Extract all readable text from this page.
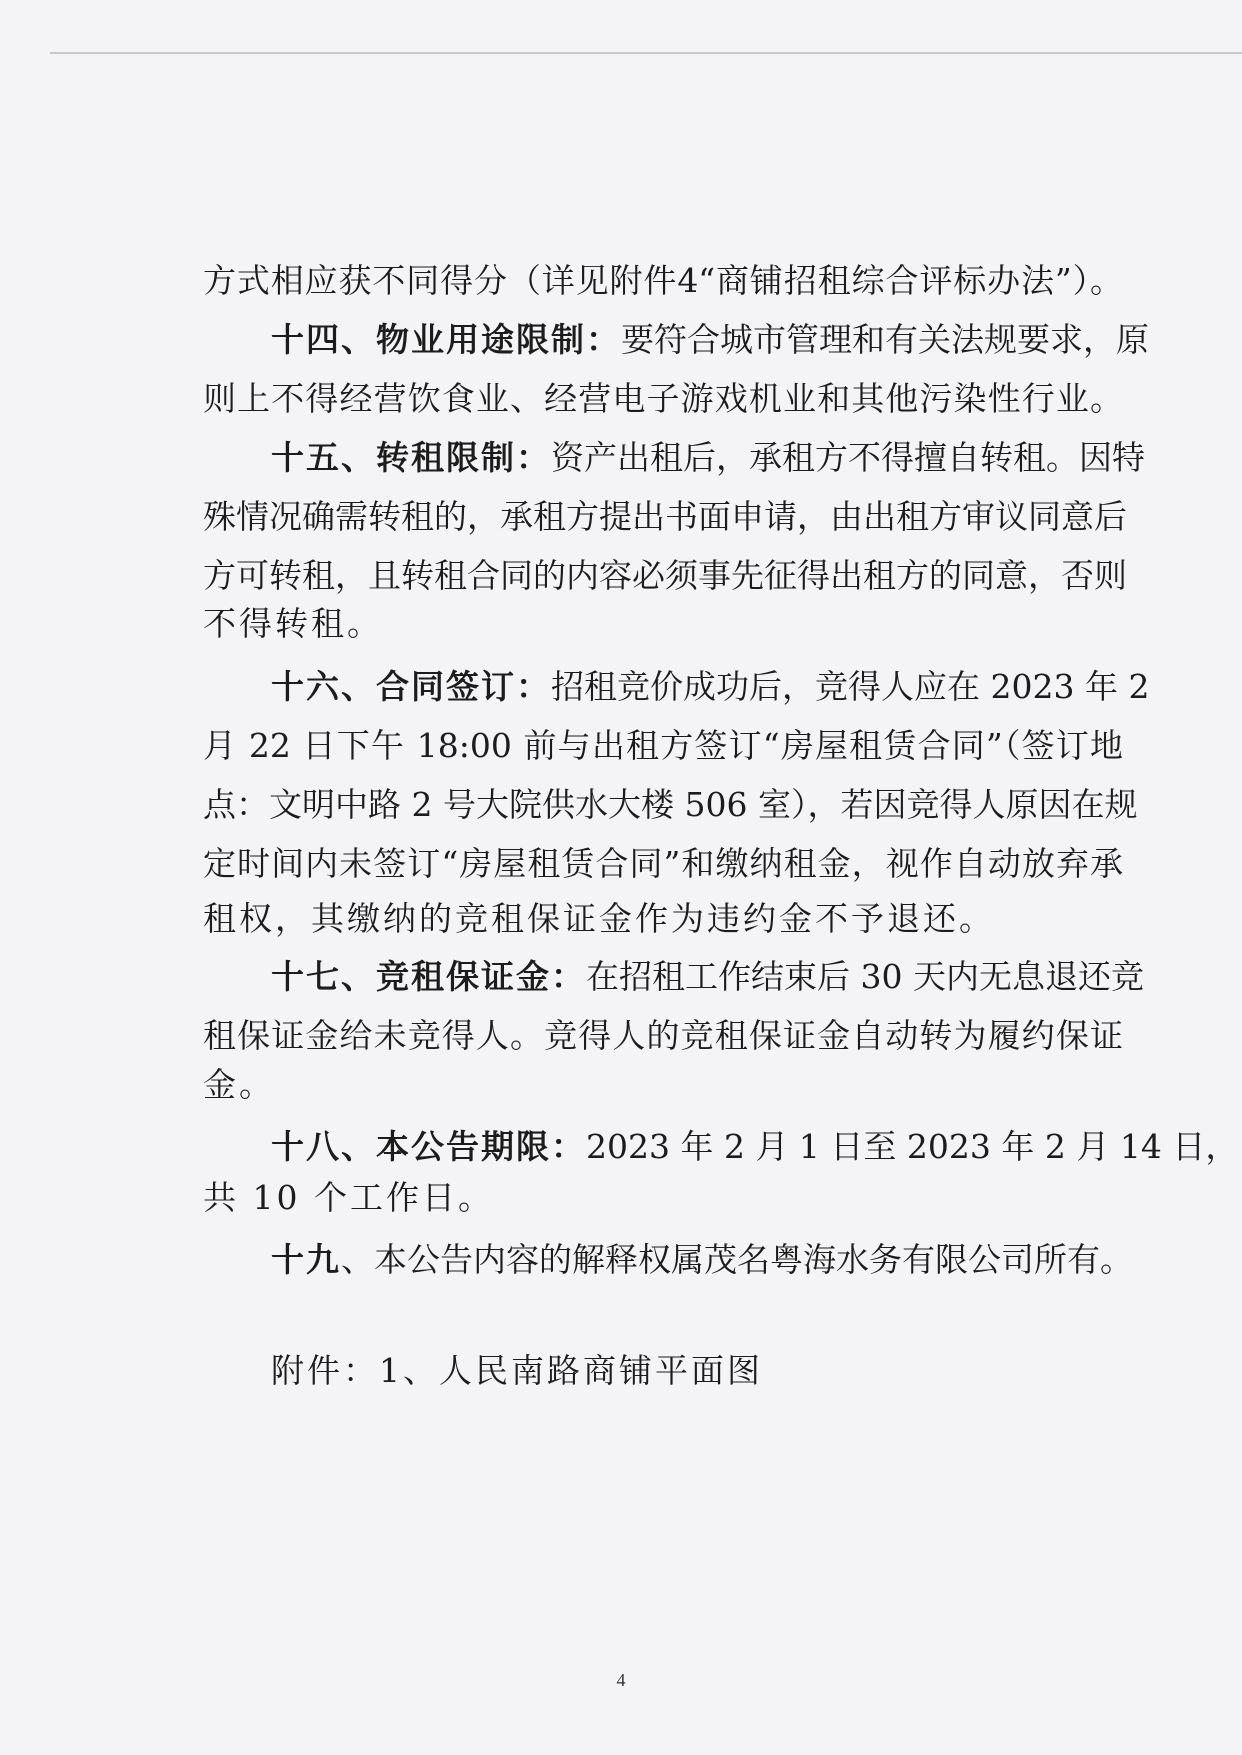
方式相应获不同得分（详见附件4“商铺招租综合评标办法”）。
十四、物业用途限制：要符合城市管理和有关法规要求，原
则上不得经营饮食业、经营电子游戏机业和其他污染性行业。
十五、转租限制：资产出租后，承租方不得擅自转租。因特
殊情况确需转租的，承租方提出书面申请，由出租方审议同意后
方可转租，且转租合同的内容必须事先征得出租方的同意，否则
不得转租。
十六、合同签订：招租竞价成功后，竞得人应在 2023 年 2
月 22 日下午 18:00 前与出租方签订“房屋租赁合同”（签订地
点：文明中路 2 号大院供水大楼 506 室），若因竞得人原因在规
定时间内未签订“房屋租赁合同”和缴纳租金，视作自动放弃承
租权，其缴纳的竞租保证金作为违约金不予退还。
十七、竞租保证金：在招租工作结束后 30 天内无息退还竞
租保证金给未竞得人。竞得人的竞租保证金自动转为履约保证
金。
十八、本公告期限：2023 年 2 月 1 日至 2023 年 2 月 14 日，
共 10 个工作日。
十九、本公告内容的解释权属茂名粤海水务有限公司所有。
附件：1、人民南路商铺平面图
4
